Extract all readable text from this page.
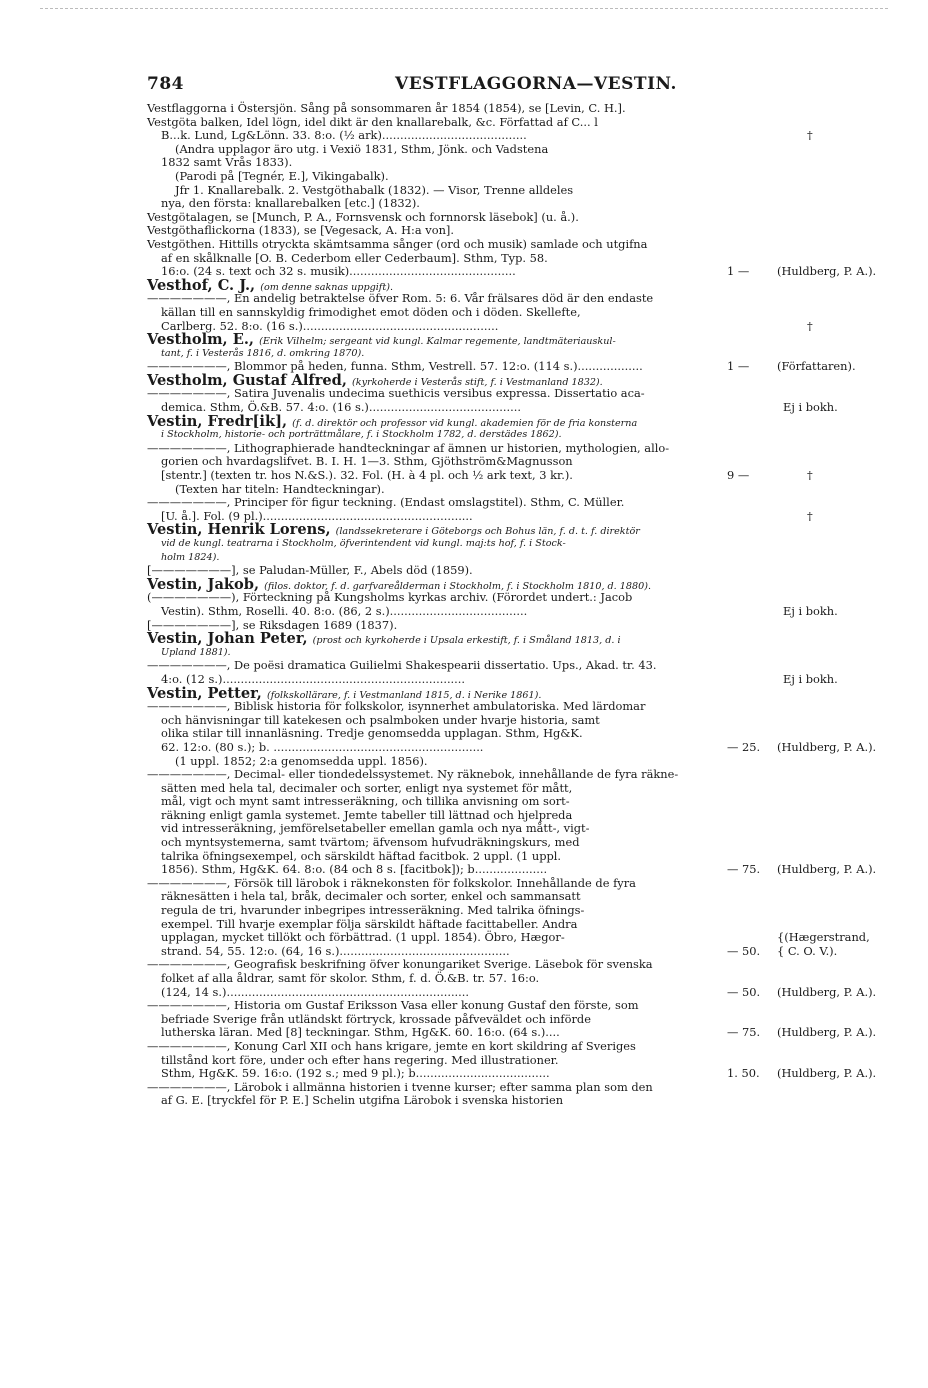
784	VESTFLAGGORNA—VESTIN.
Vestflaggorna i Östersjön. Sång på sonsommaren år 1854 (1854), se [Levin, C. H.].
Vestgöta balken, Idel lögn, idel dikt är den knallarebalk, &c. Författad af C... l
B...k. Lund, Lg&Lönn. 33. 8:o. (½ ark)........................................	†
(Andra upplagor äro utg. i Vexiö 1831, Sthm, Jönk. och Vadstena
1832 samt Vrås 1833).
(Parodi på [Tegnér, E.], Vikingabalk).
Jfr 1. Knallarebalk. 2. Vestgöthabalk (1832). — Visor, Trenne alldeles
nya, den första: knallarebalken [etc.] (1832).
Vestgötalagen, se [Munch, P. A., Fornsvensk och fornnorsk läsebok] (u. å.).
Vestgöthaflickorna (1833), se [Vegesack, A. H:a von].
Vestgöthen. Hittills otryckta skämtsamma sånger (ord och musik) samlade och utgifna
af en skålknalle [O. B. Cederbom eller Cederbaum]. Sthm, Typ. 58.
16:o. (24 s. text och 32 s. musik)..............................................	1 — (Huldberg, P. A.).
Vesthof, C. J., (om denne saknas uppgift).
———————, En andelig betraktelse öfver Rom. 5: 6. Vår frälsares död är den endaste
källan till en sannskyldig frimodighet emot döden och i döden. Skellefte,
Carlberg. 52. 8:o. (16 s.)......................................................	†
Vestholm, E., (Erik Vilhelm; sergeant vid kungl. Kalmar regemente, landtmäteriauskul-
tant, f. i Vesterås 1816, d. omkring 1870).
———————, Blommor på heden, funna. Sthm, Vestrell. 57. 12:o. (114 s.)..................	1 — (Författaren).
Vestholm, Gustaf Alfred, (kyrkoherde i Vesterås stift, f. i Vestmanland 1832).
———————, Satira Juvenalis undecima suethicis versibus expressa. Dissertatio aca-
demica. Sthm, Ö.&B. 57. 4:o. (16 s.)..........................................	Ej i bokh.
Vestin, Fredr[ik], (f. d. direktör och professor vid kungl. akademien för de fria konsterna
i Stockholm, historie- och porträttmålare, f. i Stockholm 1782, d. derstädes 1862).
———————, Lithographierade handteckningar af ämnen ur historien, mythologien, allo-
gorien och hvardagslifvet. B. I. H. 1—3. Sthm, Gjöthström&Magnusson
[stentr.] (texten tr. hos N.&S.). 32. Fol. (H. à 4 pl. och ½ ark text, 3 kr.).	9 —	†
(Texten har titeln: Handteckningar).
———————, Principer för figur teckning. (Endast omslagstitel). Sthm, C. Müller.
[U. å.]. Fol. (9 pl.)..........................................................	†
Vestin, Henrik Lorens, (landssekreterare i Göteborgs och Bohus län, f. d. t. f. direktör
vid de kungl. teatrarna i Stockholm, öfverintendent vid kungl. maj:ts hof, f. i Stock-
holm 1824).
[———————], se Paludan-Müller, F., Abels död (1859).
Vestin, Jakob, (filos. doktor, f. d. garfvareålderman i Stockholm, f. i Stockholm 1810, d. 1880).
(———————), Förteckning på Kungsholms kyrkas archiv. (Förordet undert.: Jacob
Vestin). Sthm, Roselli. 40. 8:o. (86, 2 s.)......................................	Ej i bokh.
[———————], se Riksdagen 1689 (1837).
Vestin, Johan Peter, (prost och kyrkoherde i Upsala erkestift, f. i Småland 1813, d. i
Upland 1881).
———————, De poësi dramatica Guilielmi Shakespearii dissertatio. Ups., Akad. tr. 43.
4:o. (12 s.)...................................................................	Ej i bokh.
Vestin, Petter, (folkskollärare, f. i Vestmanland 1815, d. i Nerike 1861).
———————, Biblisk historia för folkskolor, isynnerhet ambulatoriska. Med lärdomar
och hänvisningar till katekesen och psalmboken under hvarje historia, samt
olika stilar till innanläsning. Tredje genomsedda upplagan. Sthm, Hg&K.
62. 12:o. (80 s.); b. ..........................................................	— 25. (Huldberg, P. A.).
(1 uppl. 1852; 2:a genomsedda uppl. 1856).
———————, Decimal- eller tiondedelssystemet. Ny räknebok, innehållande de fyra räkne-
sätten med hela tal, decimaler och sorter, enligt nya systemet för mått,
mål, vigt och mynt samt intresseräkning, och tillika anvisning om sort-
räkning enligt gamla systemet. Jemte tabeller till lättnad och hjelpreda
vid intresseräkning, jemförelsetabeller emellan gamla och nya mått-, vigt-
och myntsystemerna, samt tvärtom; äfvensom hufvudräkningskurs, med
talrika öfningsexempel, och särskildt häftad facitbok. 2 uppl. (1 uppl.
1856). Sthm, Hg&K. 64. 8:o. (84 och 8 s. [facitbok]); b....................	— 75. (Huldberg, P. A.).
———————, Försök till lärobok i räknekonsten för folkskolor. Innehållande de fyra
räknesätten i hela tal, bråk, decimaler och sorter, enkel och sammansatt
regula de tri, hvarunder inbegripes intresseräkning. Med talrika öfnings-
exempel. Till hvarje exemplar följa särskildt häftade facittabeller. Andra
upplagan, mycket tillökt och förbättrad. (1 uppl. 1854). Öbro, Hægor-	{(Hægerstrand,
strand. 54, 55. 12:o. (64, 16 s.)...............................................	— 50. { C. O. V.).
———————, Geografisk beskrifning öfver konungariket Sverige. Läsebok för svenska
folket af alla åldrar, samt för skolor. Sthm, f. d. Ö.&B. tr. 57. 16:o.
(124, 14 s.)...................................................................	— 50. (Huldberg, P. A.).
———————, Historia om Gustaf Eriksson Vasa eller konung Gustaf den förste, som
befriade Sverige från utländskt förtryck, krossade påfveväldet och införde
lutherska läran. Med [8] teckningar. Sthm, Hg&K. 60. 16:o. (64 s.)....	— 75. (Huldberg, P. A.).
———————, Konung Carl XII och hans krigare, jemte en kort skildring af Sveriges
tillstånd kort före, under och efter hans regering. Med illustrationer.
Sthm, Hg&K. 59. 16:o. (192 s.; med 9 pl.); b.....................................	1. 50. (Huldberg, P. A.).
———————, Lärobok i allmänna historien i tvenne kurser; efter samma plan som den
af G. E. [tryckfel för P. E.] Schelin utgifna Lärobok i svenska historien
